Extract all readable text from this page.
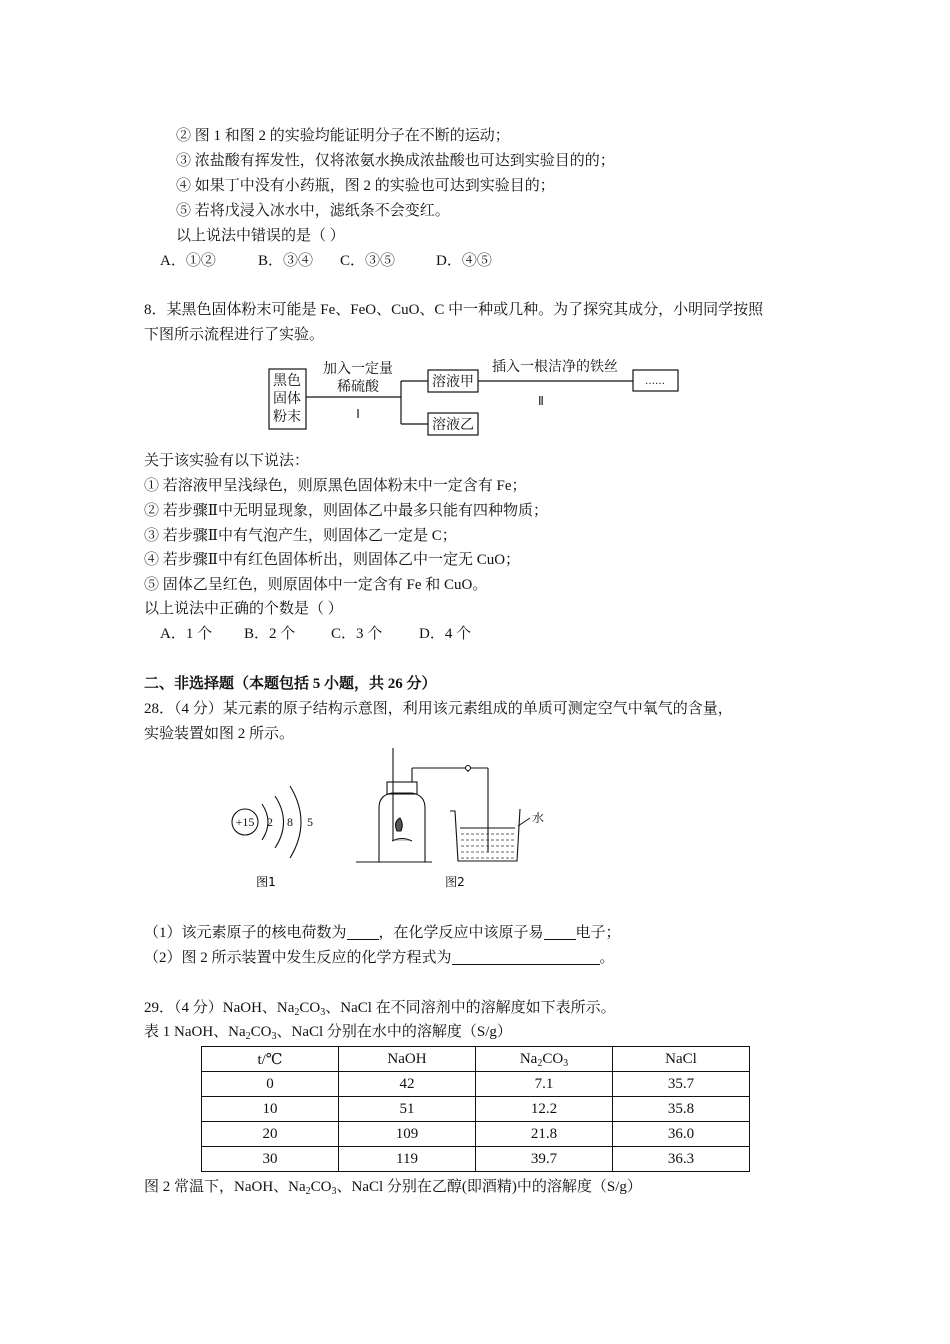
② 图 1 和图 2 的实验均能证明分子在不断的运动；
③ 浓盐酸有挥发性，仅将浓氨水换成浓盐酸也可达到实验目的的；
④ 如果丁中没有小药瓶，图 2 的实验也可达到实验目的；
⑤ 若将戊浸入冰水中，滤纸条不会变红。
以上说法中错误的是（ ）
A．①②	B．③④ C．③⑤	D．④⑤
8．某黑色固体粉末可能是 Fe、FeO、CuO、C 中一种或几种。为了探究其成分，小明同学按照
下图所示流程进行了实验。
黑色
固体
粉末
加入一定量
稀硫酸
Ⅰ
溶液甲
溶液乙
插入一根洁净的铁丝
Ⅱ
……
关于该实验有以下说法：
① 若溶液甲呈浅绿色，则原黑色固体粉末中一定含有 Fe；
② 若步骤Ⅱ中无明显现象，则固体乙中最多只能有四种物质；
③ 若步骤Ⅱ中有气泡产生，则固体乙一定是 C；
④ 若步骤Ⅱ中有红色固体析出，则固体乙中一定无 CuO；
⑤ 固体乙呈红色，则原固体中一定含有 Fe 和 CuO。
以上说法中正确的个数是（ ）
A．1 个 B．2 个 C．3 个 D．4 个
二、非选择题（本题包括 5 小题，共 26 分）
28．（4 分）某元素的原子结构示意图，利用该元素组成的单质可测定空气中氧气的含量，
实验装置如图 2 所示。
+15 2 8 5
图1
水
图2
（1）该元素原子的核电荷数为 ，在化学反应中该原子易 电子；
（2）图 2 所示装置中发生反应的化学方程式为	。
29．（4 分）NaOH、$Na_2CO_3$、NaCl 在不同溶剂中的溶解度如下表所示。
表 1 NaOH、$Na_2CO_3$、NaCl 分别在水中的溶解度（S/g）
t/℃	NaOH	$Na_2CO_3$	NaCl
0	42	7.1	35.7
10	51	12.2	35.8
20	109	21.8	36.0
30	119	39.7	36.3
图 2 常温下，NaOH、$Na_2CO_3$、NaCl 分别在乙醇(即酒精)中的溶解度（S/g）
